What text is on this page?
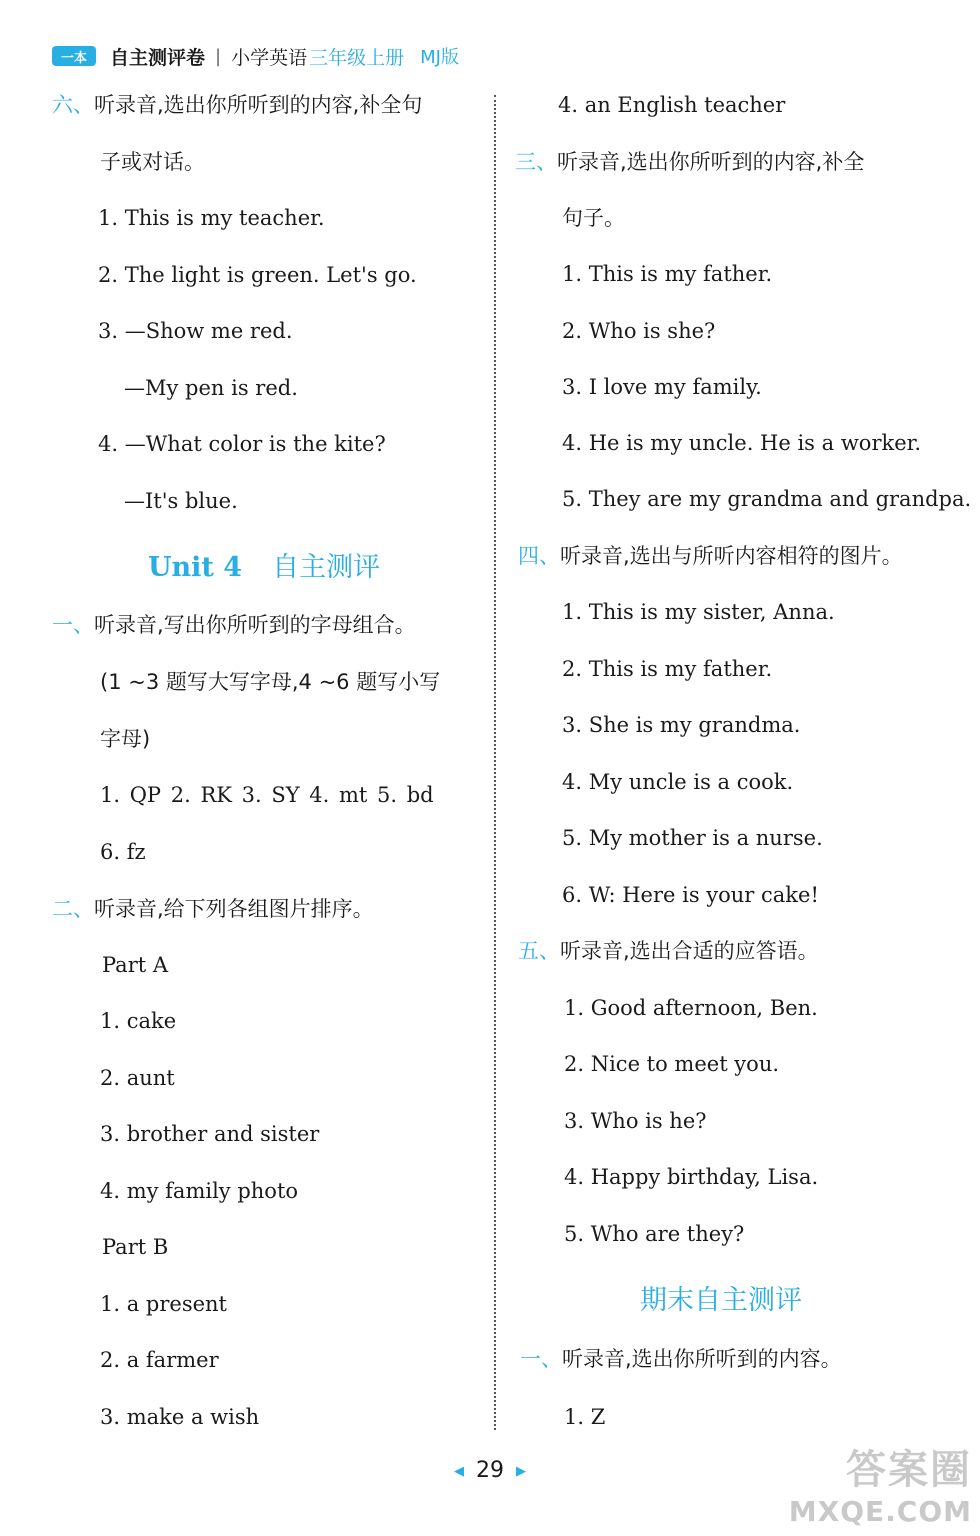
一本	自主测评卷 | 小学英语 三年级上册 MJ版
六、听录音,选出你所听到的内容,补全句
子或对话。
1. This is my teacher.
2. The light is green. Let's go.
3. —Show me red.
—My pen is red.
4. —What color is the kite?
—It's blue.
Unit 4 自主测评
一、听录音,写出你所听到的字母组合。
(1 ~3 题写大写字母,4 ~6 题写小写
字母)
1. QP 2. RK 3. SY 4. mt 5. bd
6. fz
二、听录音,给下列各组图片排序。
Part A
1. cake
2. aunt
3. brother and sister
4. my family photo
Part B
1. a present
2. a farmer
3. make a wish
4. an English teacher
三、听录音,选出你所听到的内容,补全
句子。
1. This is my father.
2. Who is she?
3. I love my family.
4. He is my uncle. He is a worker.
5. They are my grandma and grandpa.
四、听录音,选出与所听内容相符的图片。
1. This is my sister, Anna.
2. This is my father.
3. She is my grandma.
4. My uncle is a cook.
5. My mother is a nurse.
6. W: Here is your cake!
五、听录音,选出合适的应答语。
1. Good afternoon, Ben.
2. Nice to meet you.
3. Who is he?
4. Happy birthday, Lisa.
5. Who are they?
期末自主测评
一、听录音,选出你所听到的内容。
1. Z
◀ 29 ▶	答案圈
MXQE.COM
